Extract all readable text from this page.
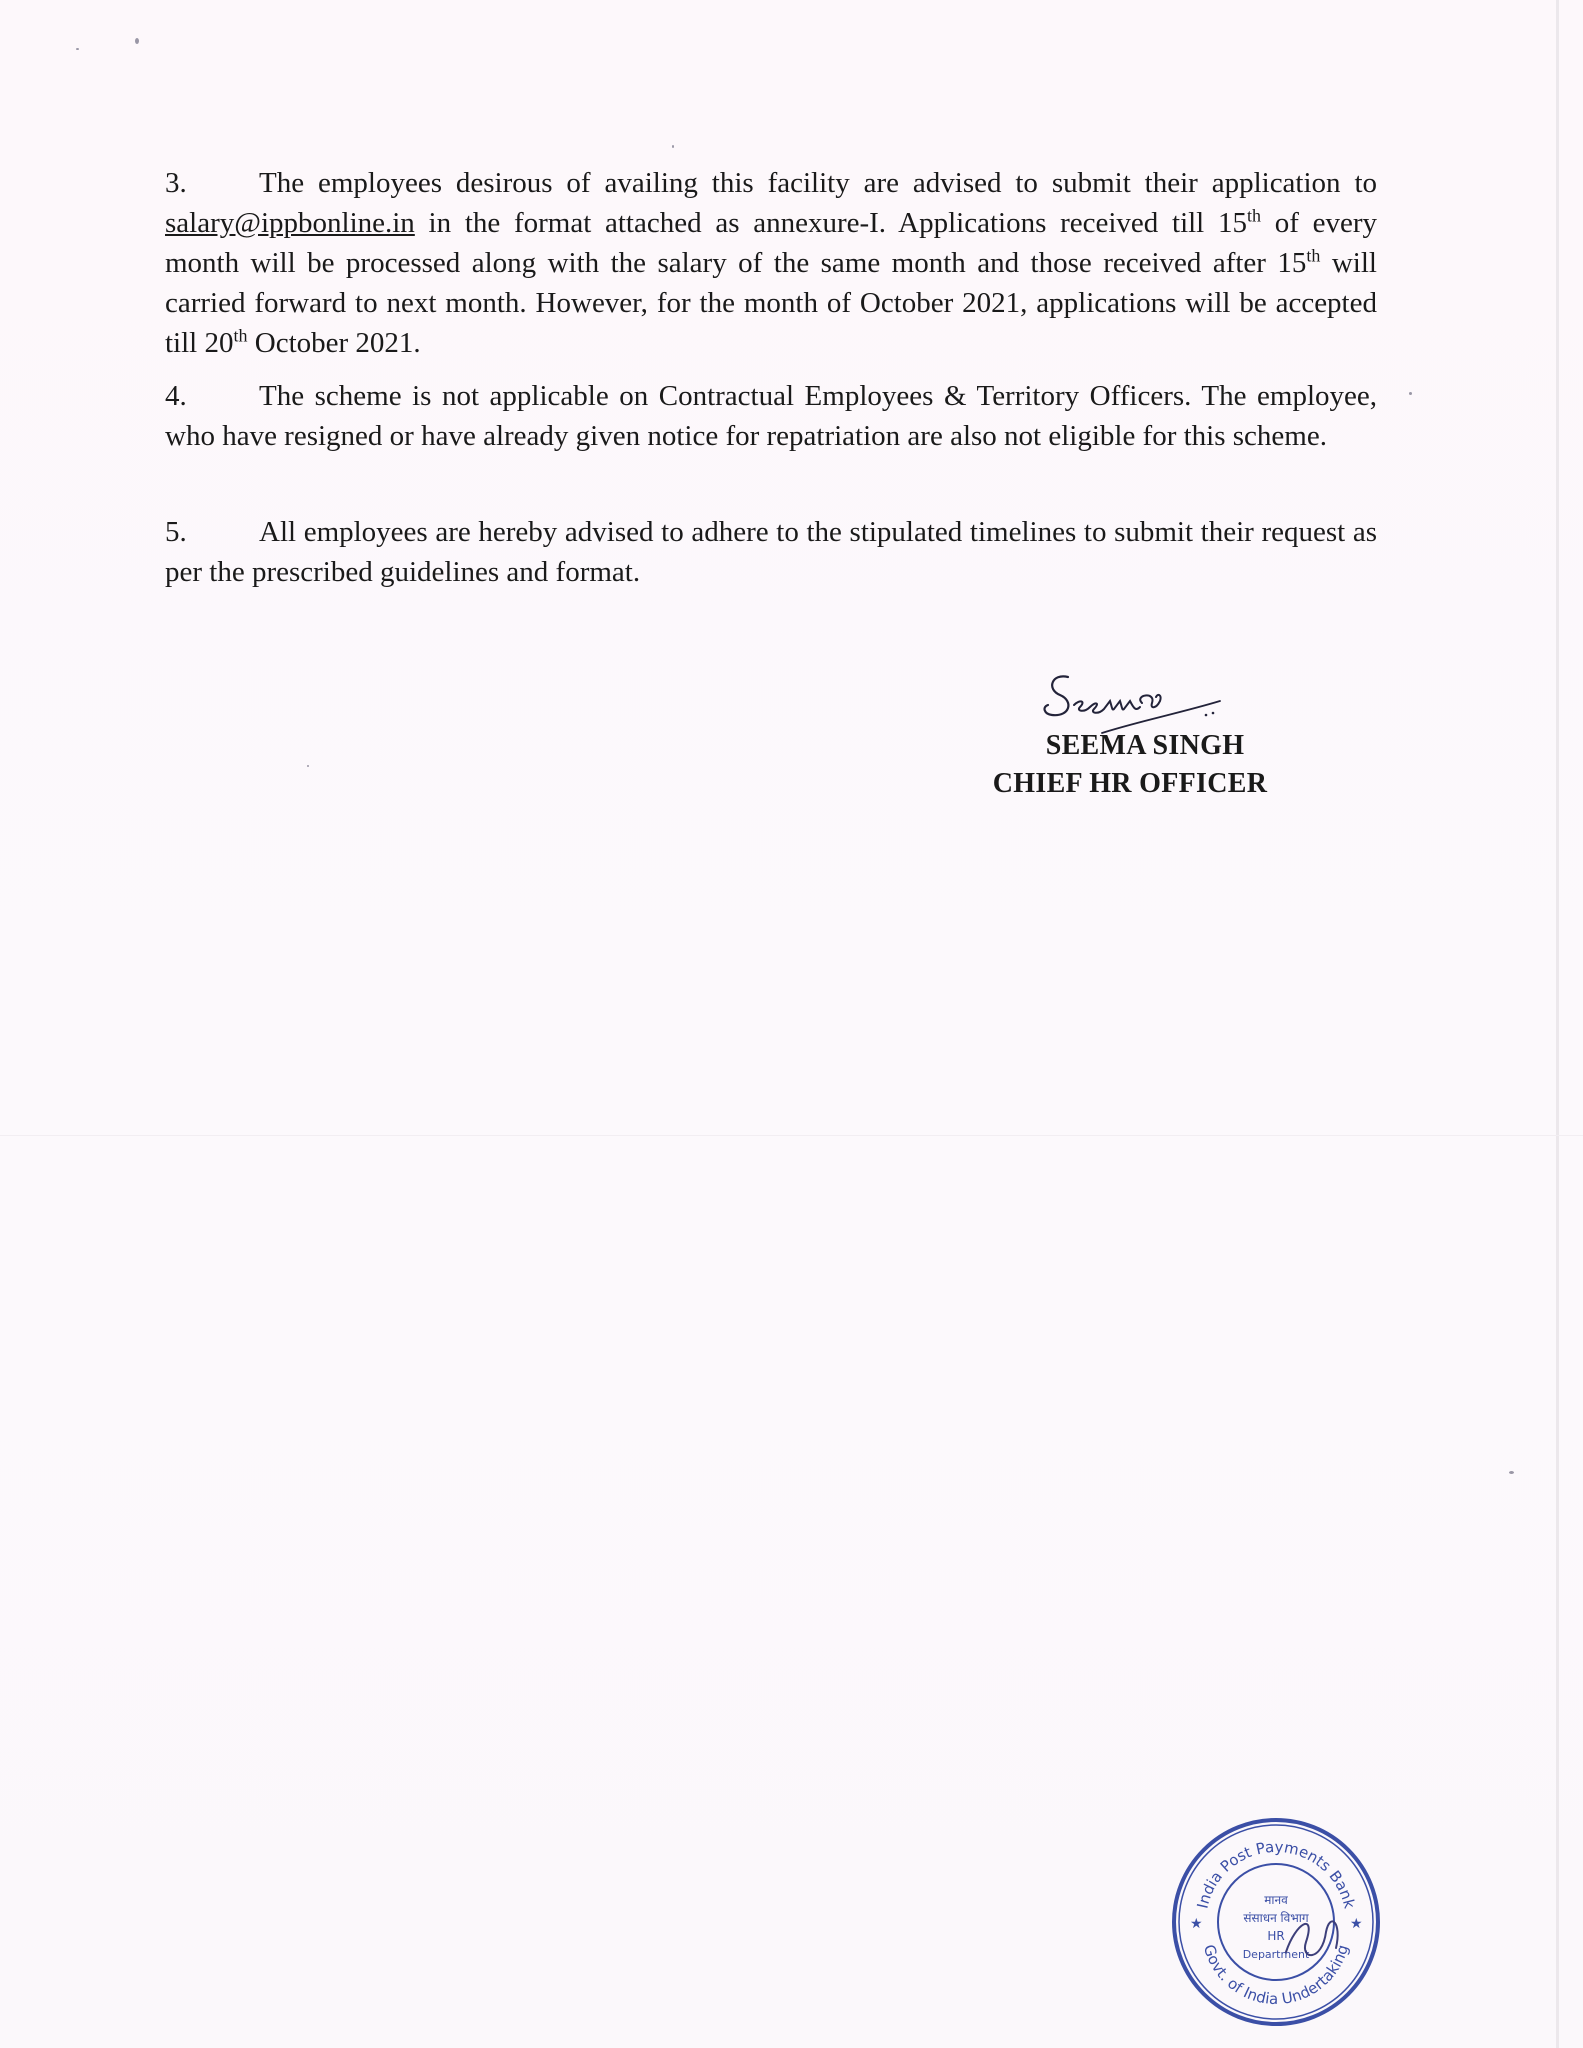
3. The employees desirous of availing this facility are advised to submit their application to salary@ippbonline.in in the format attached as annexure-I. Applications received till 15th of every month will be processed along with the salary of the same month and those received after 15th will carried forward to next month. However, for the month of October 2021, applications will be accepted till 20th October 2021.

4. The scheme is not applicable on Contractual Employees & Territory Officers. The employee, who have resigned or have already given notice for repatriation are also not eligible for this scheme.

5. All employees are hereby advised to adhere to the stipulated timelines to submit their request as per the prescribed guidelines and format.

SEEMA SINGH

CHIEF HR OFFICER

India Post Payments Bank
Govt. of India Undertaking
मानव
संसाधन विभाग
HR
Department
★	★
